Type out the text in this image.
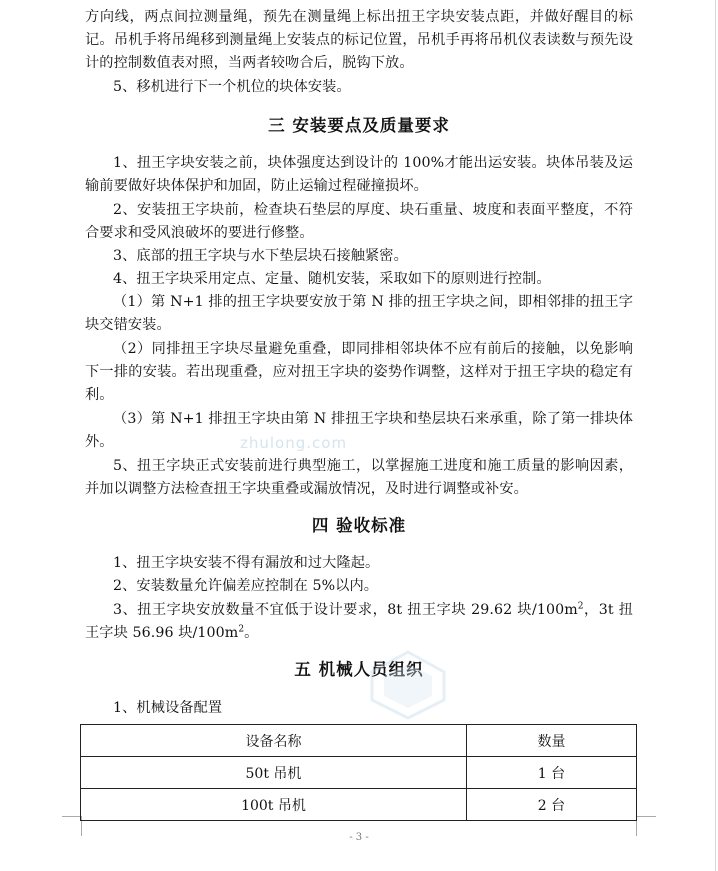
方向线，两点间拉测量绳，预先在测量绳上标出扭王字块安装点距，并做好醒目的标记。吊机手将吊绳移到测量绳上安装点的标记位置，吊机手再将吊机仪表读数与预先设计的控制数值表对照，当两者较吻合后，脱钩下放。

5、移机进行下一个机位的块体安装。

三 安装要点及质量要求

1、扭王字块安装之前，块体强度达到设计的 100%才能出运安装。块体吊装及运输前要做好块体保护和加固，防止运输过程碰撞损坏。

2、安装扭王字块前，检查块石垫层的厚度、块石重量、坡度和表面平整度，不符合要求和受风浪破坏的要进行修整。

3、底部的扭王字块与水下垫层块石接触紧密。

4、扭王字块采用定点、定量、随机安装，采取如下的原则进行控制。

（1）第 N+1 排的扭王字块要安放于第 N 排的扭王字块之间，即相邻排的扭王字块交错安装。

（2）同排扭王字块尽量避免重叠，即同排相邻块体不应有前后的接触，以免影响下一排的安装。若出现重叠，应对扭王字块的姿势作调整，这样对于扭王字块的稳定有利。

（3）第 N+1 排扭王字块由第 N 排扭王字块和垫层块石来承重，除了第一排块体外。

5、扭王字块正式安装前进行典型施工，以掌握施工进度和施工质量的影响因素，并加以调整方法检查扭王字块重叠或漏放情况，及时进行调整或补安。

zhulong.com
四 验收标准

1、扭王字块安装不得有漏放和过大隆起。

2、安装数量允许偏差应控制在 5%以内。

3、扭王字块安放数量不宜低于设计要求，8t 扭王字块 29.62 块$/100m^2$，3t 扭王字块 56.96 块$/100m^2$。

五 机械人员组织

1、机械设备配置

设备名称	数量
50t 吊机	1 台
100t 吊机	2 台
- 3 -
